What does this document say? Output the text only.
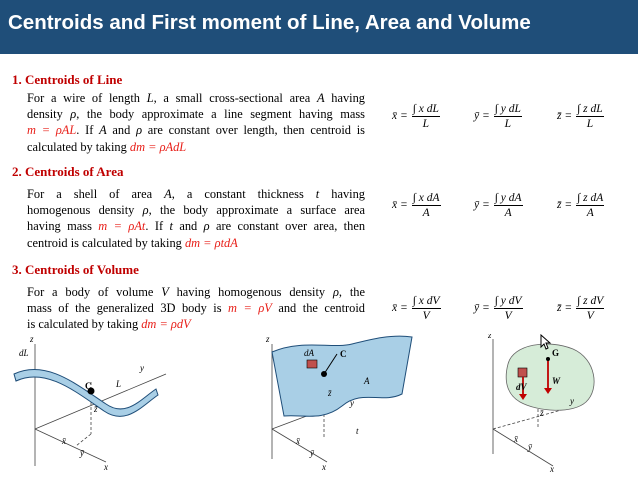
Centroids and First moment of Line, Area and Volume
1. Centroids of Line
For a wire of length L, a small cross-sectional area A having
density ρ, the body approximate a line segment having mass
m = ρAL. If A and ρ are constant over length, then centroid is
calculated by taking dm = ρAdL
x̄ = $\frac{\text{∫ x dL}}{L}$	ȳ = $\frac{\text{∫ y dL}}{L}$	z̄ = $\frac{\text{∫ z dL}}{L}$
2. Centroids of Area
For a shell of area A, a constant thickness t having
homogenous density ρ, the body approximate a surface area
having mass m = ρAt. If t and ρ are constant over area, then
centroid is calculated by taking dm = ρtdA
x̄ = $\frac{\text{∫ x dA}}{A}$	ȳ = $\frac{\text{∫ y dA}}{A}$	z̄ = $\frac{\text{∫ z dA}}{A}$
3. Centroids of Volume
For a body of volume V having homogenous density ρ, the
mass of the generalized 3D body is m = ρV and the centroid
is calculated by taking dm = ρdV
x̄ = $\frac{\text{∫ x dV}}{V}$	ȳ = $\frac{\text{∫ y dV}}{V}$	z̄ = $\frac{\text{∫ z dV}}{V}$
z
dL
L
C
y
x
z̄
x̄
ȳ
z
dA	C
A
z̄
t
y
x
x̄
ȳ
z
G
dV
W
z̄
y
x
x̄
ȳ
